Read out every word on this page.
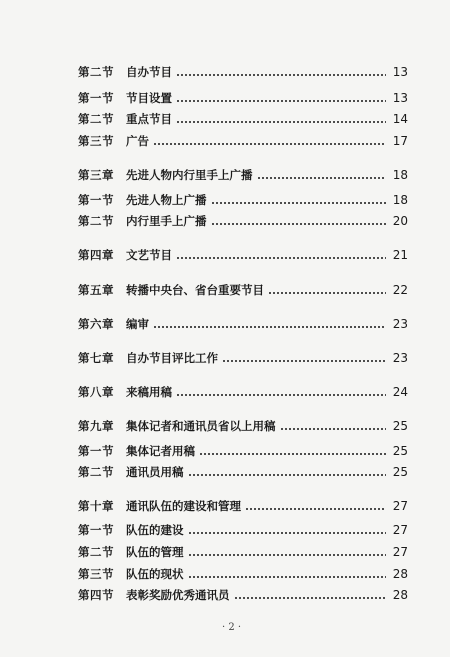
第二节	自办节目	13
第一节	节目设置	13
第二节	重点节目	14
第三节	广告	17
第三章	先进人物内行里手上广播	18
第一节	先进人物上广播	18
第二节	内行里手上广播	20
第四章	文艺节目	21
第五章	转播中央台、省台重要节目	22
第六章	编审	23
第七章	自办节目评比工作	23
第八章	来稿用稿	24
第九章	集体记者和通讯员省以上用稿	25
第一节	集体记者用稿	25
第二节	通讯员用稿	25
第十章	通讯队伍的建设和管理	27
第一节	队伍的建设	27
第二节	队伍的管理	27
第三节	队伍的现状	28
第四节	表彰奖励优秀通讯员	28
· 2 ·
